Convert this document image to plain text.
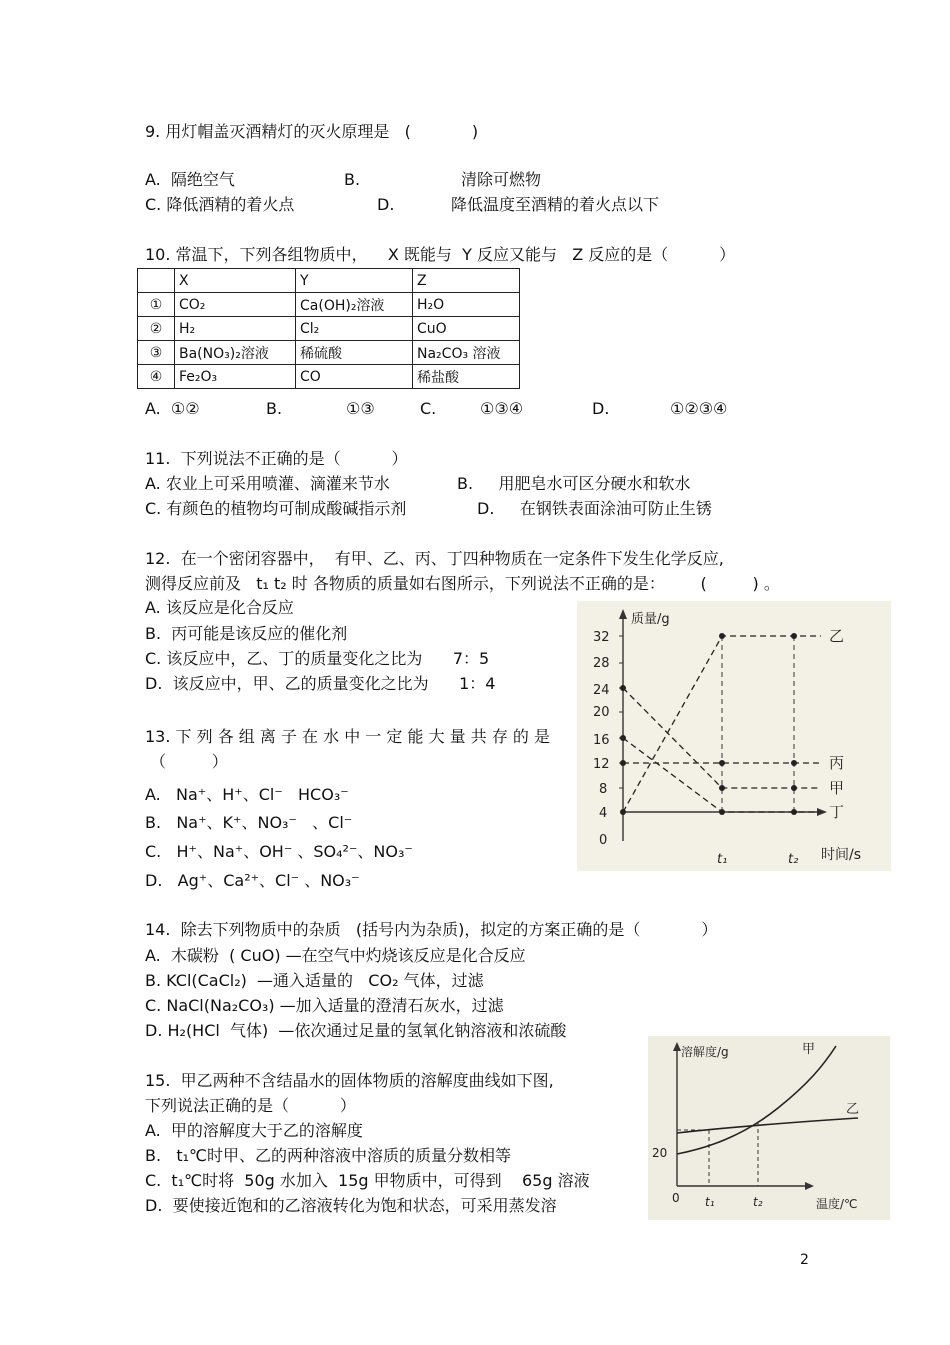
9. 用灯帽盖灭酒精灯的灭火原理是   (            )
A.  隔绝空气	B.	清除可燃物
C. 降低酒精的着火点	D.	降低温度至酒精的着火点以下
10. 常温下，下列各组物质中，    X 既能与  Y 反应又能与   Z 反应的是（          ）
	X	Y	Z
①	CO₂	Ca(OH)₂溶液	H₂O
②	H₂	Cl₂	CuO
③	Ba(NO₃)₂溶液	稀硫酸	Na₂CO₃ 溶液
④	Fe₂O₃	CO	稀盐酸
A.  ①②	B.	①③	C.	①③④	D.	①②③④
11.  下列说法不正确的是（          ）
A. 农业上可采用喷灌、滴灌来节水	B.     用肥皂水可区分硬水和软水
C. 有颜色的植物均可制成酸碱指示剂	D.     在钢铁表面涂油可防止生锈
12.  在一个密闭容器中，  有甲、乙、丙、丁四种物质在一定条件下发生化学反应,
测得反应前及   t₁ t₂ 时 各物质的质量如右图所示，下列说法不正确的是：       (         ) 。
A. 该反应是化合反应
B.  丙可能是该反应的催化剂
C. 该反应中，乙、丁的质量变化之比为      7：5
D.  该反应中，甲、乙的质量变化之比为      1：4
质量/g
32
28
24
20
16
12
8
4
0
乙
丙
甲
丁
t₁	t₂ 时间/s
13. 下 列 各 组 离 子 在 水 中 一 定 能 大 量 共 存 的 是
（         ）
A.   Na⁺、H⁺、Cl⁻   HCO₃⁻
B.   Na⁺、K⁺、NO₃⁻   、Cl⁻
C.   H⁺、Na⁺、OH⁻ 、SO₄²⁻、NO₃⁻
D.   Ag⁺、Ca²⁺、Cl⁻ 、NO₃⁻
14.  除去下列物质中的杂质   (括号内为杂质)，拟定的方案正确的是（            ）
A.  木碳粉  ( CuO) —在空气中灼烧该反应是化合反应
B. KCl(CaCl₂)  —通入适量的   CO₂ 气体，过滤
C. NaCl(Na₂CO₃) —加入适量的澄清石灰水，过滤
D. H₂(HCl  气体)  —依次通过足量的氢氧化钠溶液和浓硫酸
15.  甲乙两种不含结晶水的固体物质的溶解度曲线如下图,
下列说法正确的是（          ）
A.  甲的溶解度大于乙的溶解度
B.   t₁℃时甲、乙的两种溶液中溶质的质量分数相等
C.  t₁℃时将  50g 水加入  15g 甲物质中，可得到    65g 溶液
D.  要使接近饱和的乙溶液转化为饱和状态，可采用蒸发溶
溶解度/g
20
甲
乙
0 t₁	t₂	温度/℃
2
